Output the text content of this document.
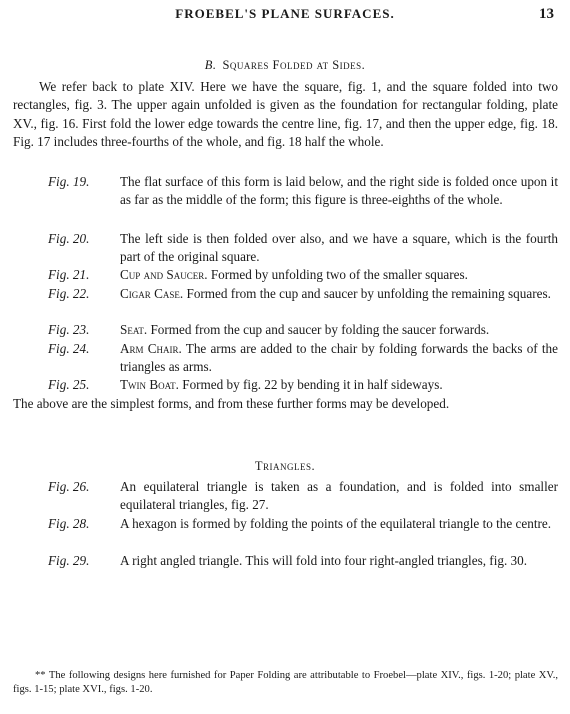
FROEBEL'S PLANE SURFACES.	13
B. Squares Folded at Sides.
We refer back to plate XIV. Here we have the square, fig. 1, and the square folded into two rectangles, fig. 3. The upper again unfolded is given as the foundation for rectangular folding, plate XV., fig. 16. First fold the lower edge towards the centre line, fig. 17, and then the upper edge, fig. 18. Fig. 17 includes three-fourths of the whole, and fig. 18 half the whole.
Fig. 19.	The flat surface of this form is laid below, and the right side is folded once upon it as far as the middle of the form; this figure is three-eighths of the whole.
Fig. 20.	The left side is then folded over also, and we have a square, which is the fourth part of the original square.
Fig. 21.	Cup and Saucer. Formed by unfolding two of the smaller squares.
Fig. 22.	Cigar Case. Formed from the cup and saucer by unfolding the remaining squares.
Fig. 23.	Seat. Formed from the cup and saucer by folding the saucer forwards.
Fig. 24.	Arm Chair. The arms are added to the chair by folding forwards the backs of the triangles as arms.
Fig. 25.	Twin Boat. Formed by fig. 22 by bending it in half sideways.
The above are the simplest forms, and from these further forms may be developed.
Triangles.
Fig. 26.	An equilateral triangle is taken as a foundation, and is folded into smaller equilateral triangles, fig. 27.
Fig. 28.	A hexagon is formed by folding the points of the equilateral triangle to the centre.
Fig. 29.	A right angled triangle. This will fold into four right-angled triangles, fig. 30.
** The following designs here furnished for Paper Folding are attributable to Froebel—plate XIV., figs. 1-20; plate XV., figs. 1-15; plate XVI., figs. 1-20.
